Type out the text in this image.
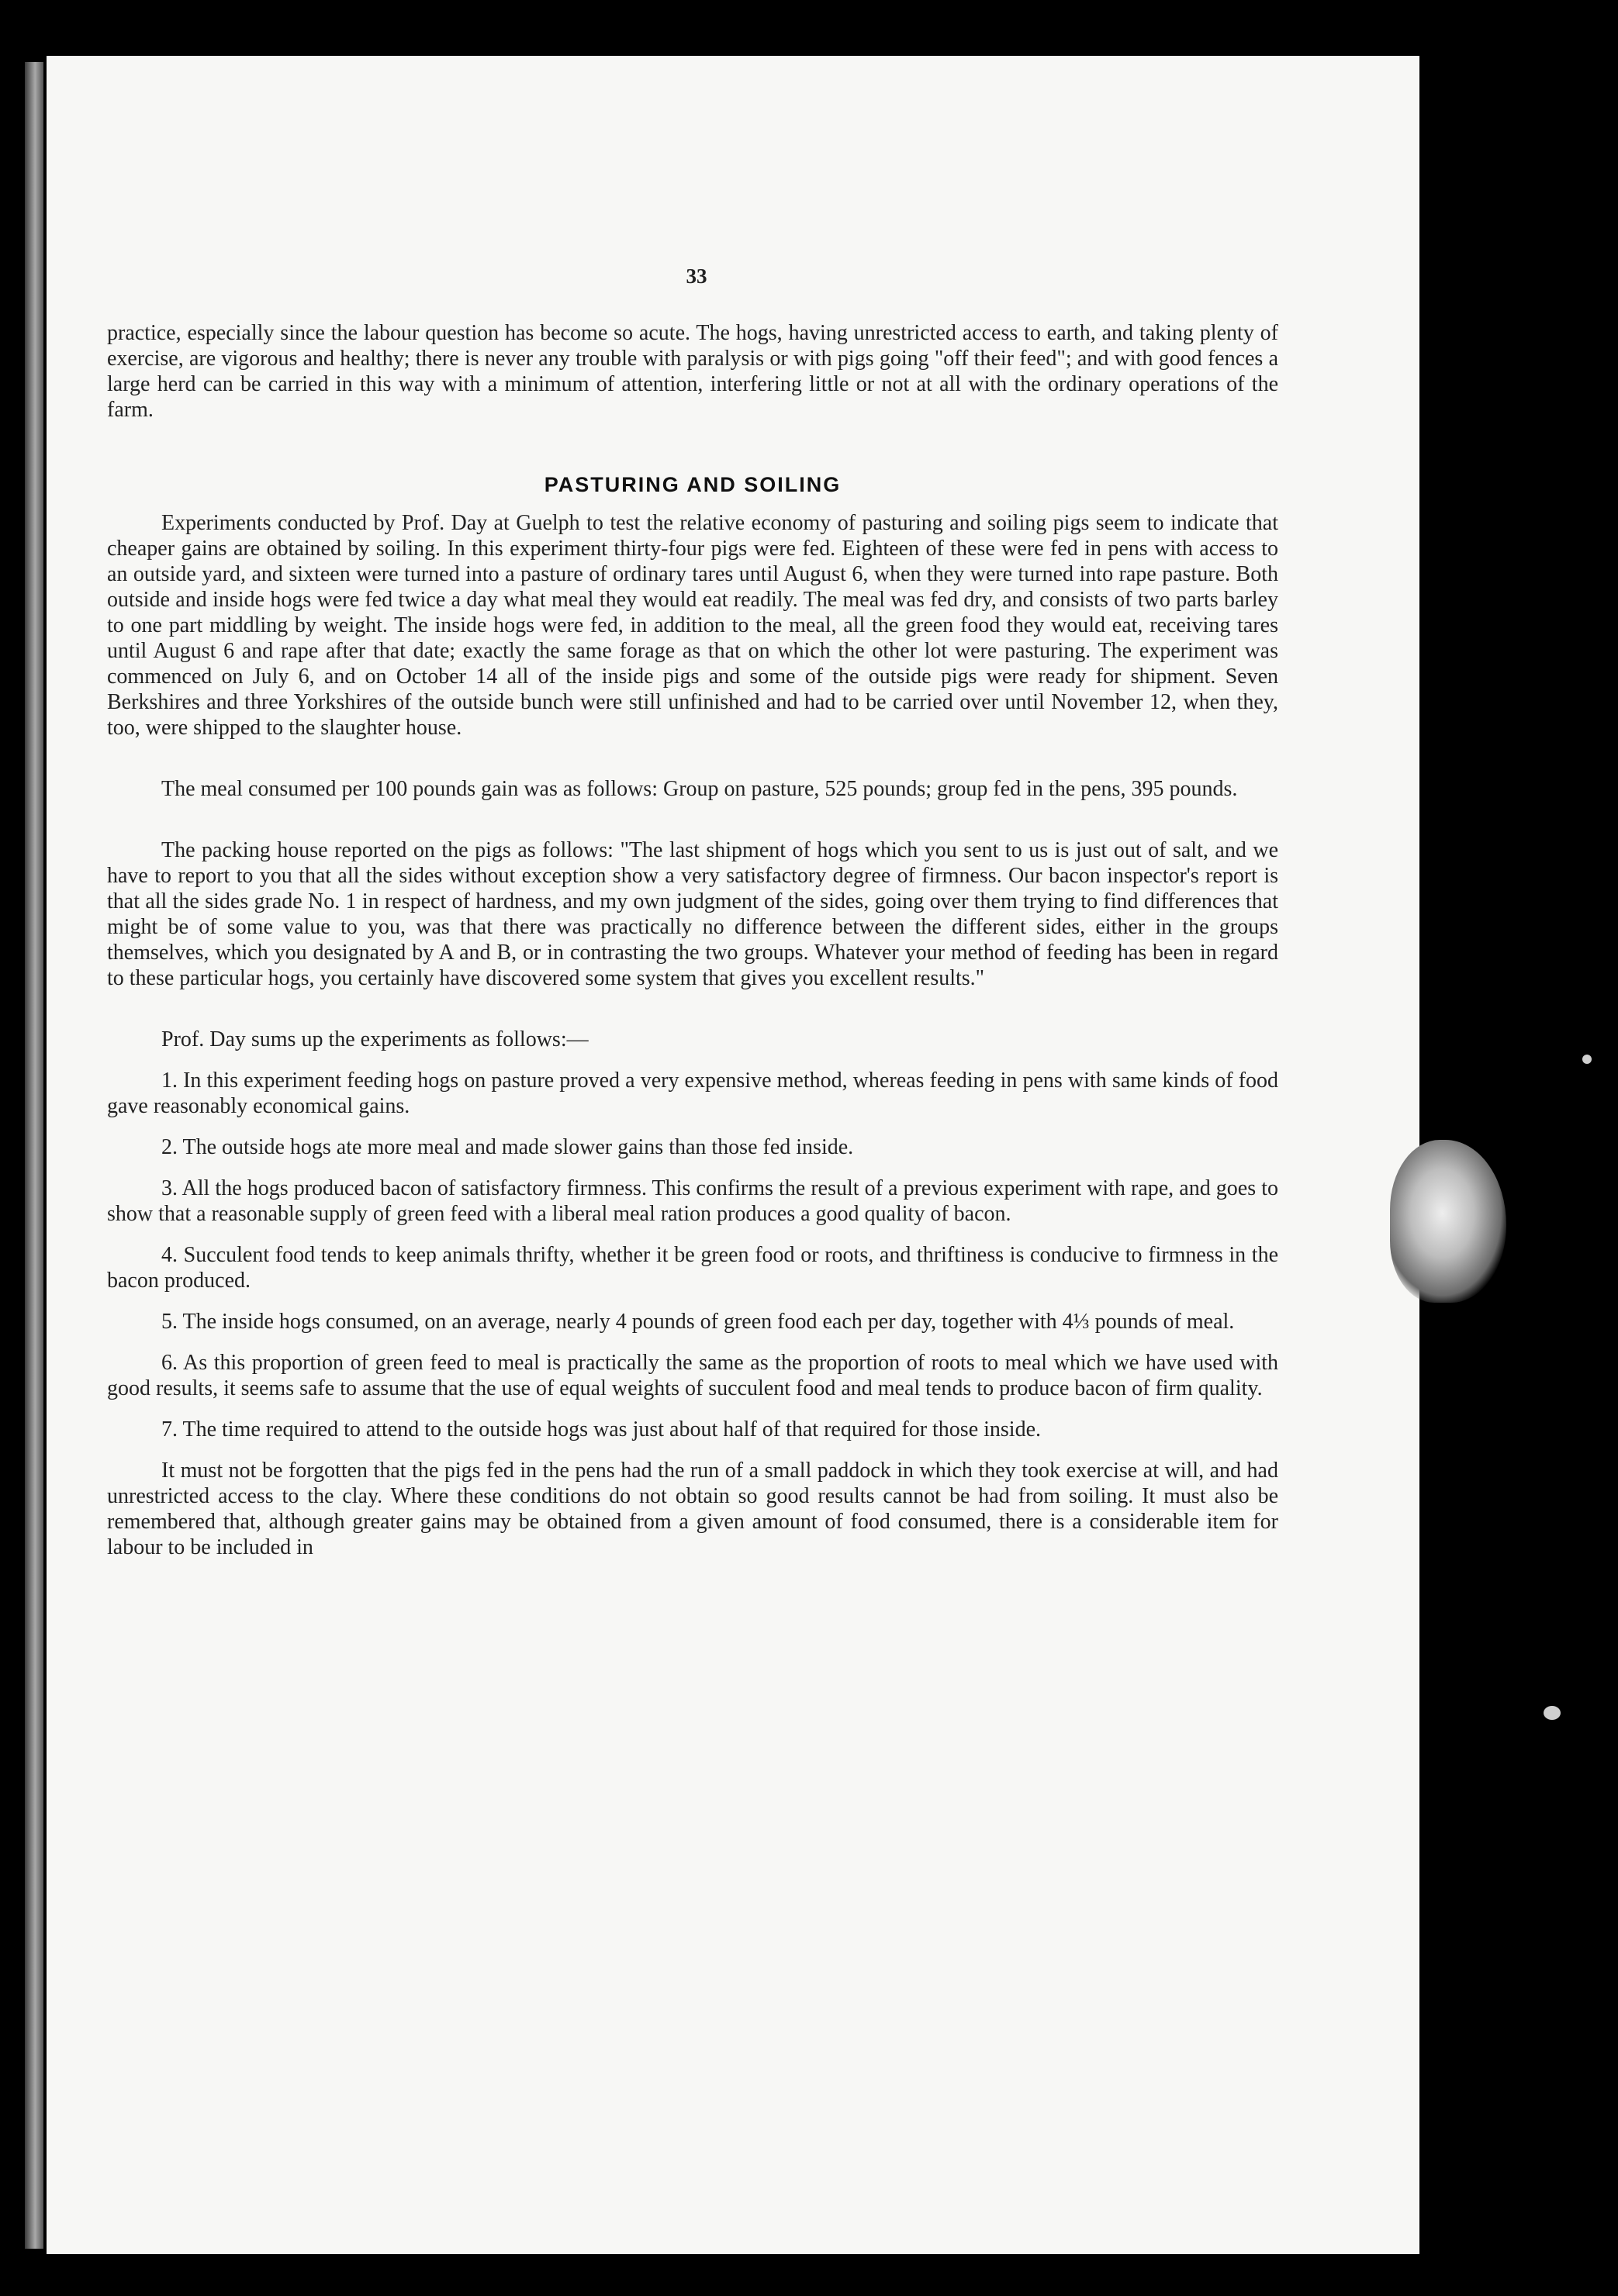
33

practice, especially since the labour question has become so acute. The hogs, having unrestricted access to earth, and taking plenty of exercise, are vigorous and healthy; there is never any trouble with paralysis or with pigs going "off their feed"; and with good fences a large herd can be carried in this way with a minimum of attention, interfering little or not at all with the ordinary operations of the farm.

PASTURING AND SOILING

Experiments conducted by Prof. Day at Guelph to test the relative economy of pasturing and soiling pigs seem to indicate that cheaper gains are obtained by soiling. In this experiment thirty-four pigs were fed. Eighteen of these were fed in pens with access to an outside yard, and sixteen were turned into a pasture of ordinary tares until August 6, when they were turned into rape pasture. Both outside and inside hogs were fed twice a day what meal they would eat readily. The meal was fed dry, and consists of two parts barley to one part middling by weight. The inside hogs were fed, in addition to the meal, all the green food they would eat, receiving tares until August 6 and rape after that date; exactly the same forage as that on which the other lot were pasturing. The experiment was commenced on July 6, and on October 14 all of the inside pigs and some of the outside pigs were ready for shipment. Seven Berkshires and three Yorkshires of the outside bunch were still unfinished and had to be carried over until November 12, when they, too, were shipped to the slaughter house.

The meal consumed per 100 pounds gain was as follows: Group on pasture, 525 pounds; group fed in the pens, 395 pounds.

The packing house reported on the pigs as follows: "The last shipment of hogs which you sent to us is just out of salt, and we have to report to you that all the sides without exception show a very satisfactory degree of firmness. Our bacon inspector's report is that all the sides grade No. 1 in respect of hardness, and my own judgment of the sides, going over them trying to find differences that might be of some value to you, was that there was practically no difference between the different sides, either in the groups themselves, which you designated by A and B, or in contrasting the two groups. Whatever your method of feeding has been in regard to these particular hogs, you certainly have discovered some system that gives you excellent results."

Prof. Day sums up the experiments as follows:—

1. In this experiment feeding hogs on pasture proved a very expensive method, whereas feeding in pens with same kinds of food gave reasonably economical gains.

2. The outside hogs ate more meal and made slower gains than those fed inside.

3. All the hogs produced bacon of satisfactory firmness. This confirms the result of a previous experiment with rape, and goes to show that a reasonable supply of green feed with a liberal meal ration produces a good quality of bacon.

4. Succulent food tends to keep animals thrifty, whether it be green food or roots, and thriftiness is conducive to firmness in the bacon produced.

5. The inside hogs consumed, on an average, nearly 4 pounds of green food each per day, together with 4⅓ pounds of meal.

6. As this proportion of green feed to meal is practically the same as the proportion of roots to meal which we have used with good results, it seems safe to assume that the use of equal weights of succulent food and meal tends to produce bacon of firm quality.

7. The time required to attend to the outside hogs was just about half of that required for those inside.

It must not be forgotten that the pigs fed in the pens had the run of a small paddock in which they took exercise at will, and had unrestricted access to the clay. Where these conditions do not obtain so good results cannot be had from soiling. It must also be remembered that, although greater gains may be obtained from a given amount of food consumed, there is a considerable item for labour to be included in
